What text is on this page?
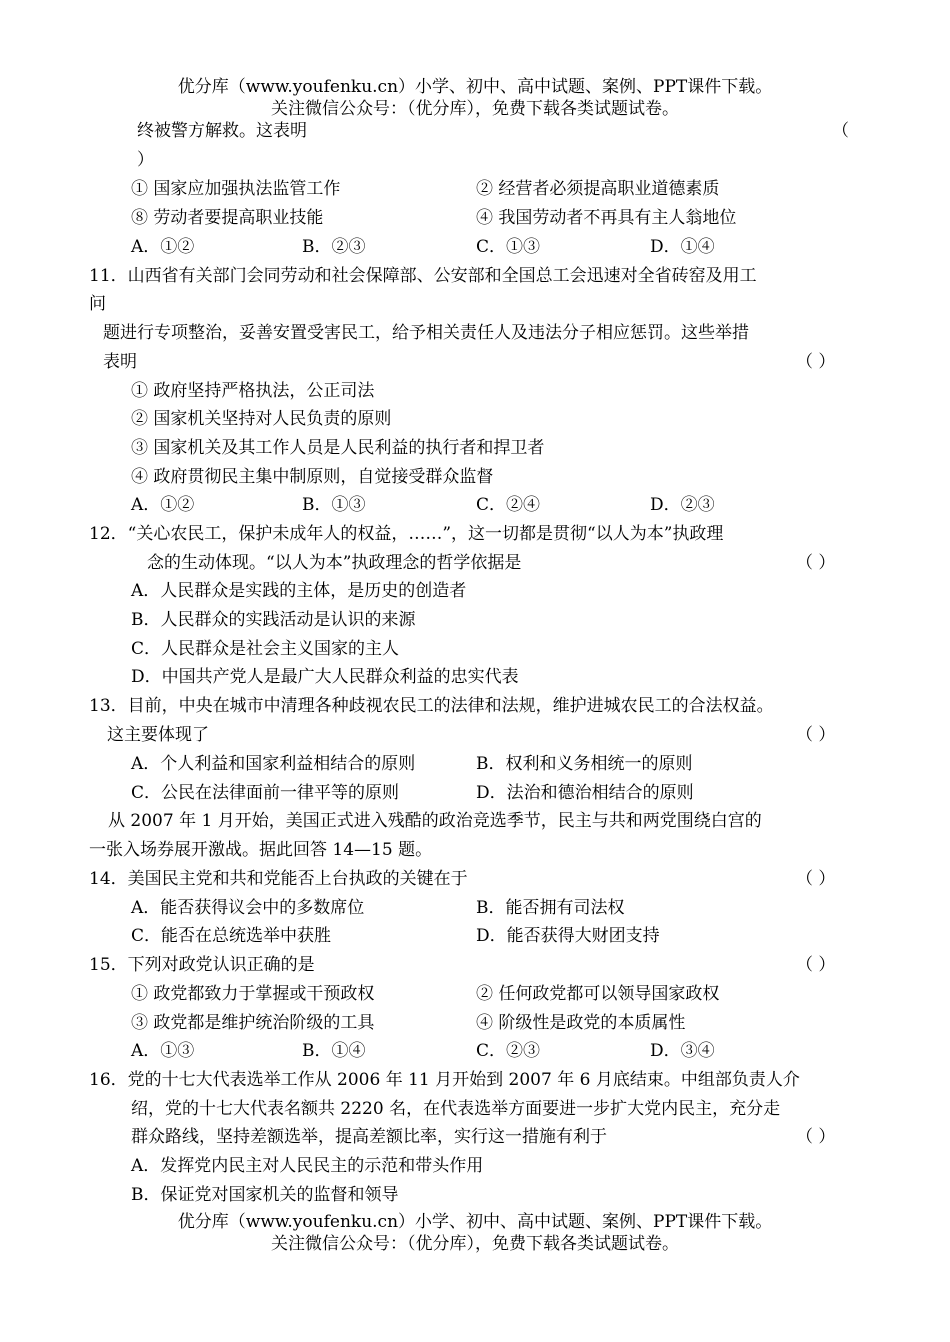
优分库（www.youfenku.cn）小学、初中、高中试题、案例、PPT课件下载。
关注微信公众号：（优分库），免费下载各类试题试卷。
终被警方解救。这表明	（
）
① 国家应加强执法监管工作	② 经营者必须提高职业道德素质
⑧ 劳动者要提高职业技能	④ 我国劳动者不再具有主人翁地位
A．①②	B．②③	C．①③	D．①④
11．山西省有关部门会同劳动和社会保障部、公安部和全国总工会迅速对全省砖窑及用工
问
题进行专项整治，妥善安置受害民工，给予相关责任人及违法分子相应惩罚。这些举措
表明	（ ）
① 政府坚持严格执法，公正司法
② 国家机关坚持对人民负责的原则
③ 国家机关及其工作人员是人民利益的执行者和捍卫者
④ 政府贯彻民主集中制原则，自觉接受群众监督
A．①②	B．①③	C．②④	D．②③
12．“关心农民工，保护未成年人的权益，……”，这一切都是贯彻“以人为本”执政理
念的生动体现。“以人为本”执政理念的哲学依据是	（ ）
A．人民群众是实践的主体，是历史的创造者
B．人民群众的实践活动是认识的来源
C．人民群众是社会主义国家的主人
D．中国共产党人是最广大人民群众利益的忠实代表
13．目前，中央在城市中清理各种歧视农民工的法律和法规，维护进城农民工的合法权益。
这主要体现了	（ ）
A．个人利益和国家利益相结合的原则	B．权利和义务相统一的原则
C．公民在法律面前一律平等的原则	D．法治和德治相结合的原则
从 2007 年 1 月开始，美国正式进入残酷的政治竞选季节，民主与共和两党围绕白宫的
一张入场券展开激战。据此回答 14—15 题。
14．美国民主党和共和党能否上台执政的关键在于	（ ）
A．能否获得议会中的多数席位	B．能否拥有司法权
C．能否在总统选举中获胜	D．能否获得大财团支持
15．下列对政党认识正确的是	（ ）
① 政党都致力于掌握或干预政权	② 任何政党都可以领导国家政权
③ 政党都是维护统治阶级的工具	④ 阶级性是政党的本质属性
A．①③	B．①④	C．②③	D．③④
16．党的十七大代表选举工作从 2006 年 11 月开始到 2007 年 6 月底结束。中组部负责人介
绍，党的十七大代表名额共 2220 名，在代表选举方面要进一步扩大党内民主，充分走
群众路线，坚持差额选举，提高差额比率，实行这一措施有利于	（ ）
A．发挥党内民主对人民民主的示范和带头作用
B．保证党对国家机关的监督和领导
优分库（www.youfenku.cn）小学、初中、高中试题、案例、PPT课件下载。
关注微信公众号：（优分库），免费下载各类试题试卷。
